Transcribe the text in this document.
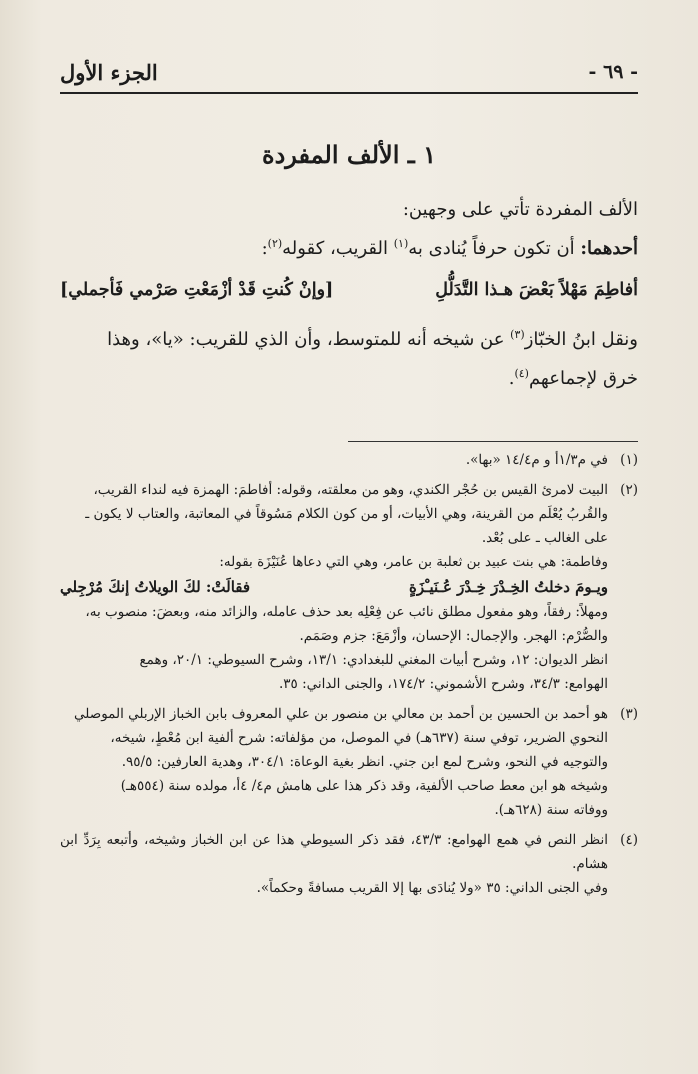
الجزء الأول	- ٦٩ -
١ ـ الألف المفردة
الألف المفردة تأتي على وجهين:
أحدهما: أن تكون حرفاً يُنادى به$^{(١)}$ القريب، كقوله$^{(٢)}$:
أفاطِمَ مَهْلاً بَعْضَ هـذا التَّدَلُّلِ
[وإنْ كُنتِ قَدْ أزْمَعْتِ صَرْمي فَأجملي]
ونقل ابنُ الخبّاز$^{(٣)}$ عن شيخه أنه للمتوسط، وأن الذي للقريب: «يا»، وهذا
خرق لإجماعهم$^{(٤)}$.
(١)
في م١/٣أ و م١٤/٤ «بها».
(٢)
البيت لامرئ القيس بن حُجْر الكندي، وهو من معلقته، وقوله: أفاطمَ: الهمزة فيه لنداء القريب،
والقُربُ يُعْلَم من القرينة، وهي الأبيات، أو من كون الكلام مَسُوقاً في المعاتبة، والعتاب لا يكون ـ
على الغالب ـ على بُعْد.
وفاطمة: هي بنت عبيد بن ثعلبة بن عامر، وهي التي دعاها عُنَيْزَة بقوله:
ويـومَ دخلتُ الخِـدْرَ خِـدْرَ عُـنَيـْزَةٍ
فقالَتْ: لكَ الويلاتُ إنكَ مُرْجِلي
ومهلاً: رفقاً، وهو مفعول مطلق نائب عن فِعْلِه بعد حذف عامله، والزائد منه، وبعضَ: منصوب به،
والصُّرْم: الهجر. والإجمال: الإحسان، وأزْمَعَ: جزم وصَمَم.
انظر الديوان: ١٢، وشرح أبيات المغني للبغدادي: ١٣/١، وشرح السيوطي: ٢٠/١، وهمع
الهوامع: ٣٤/٣، وشرح الأشموني: ١٧٤/٢، والجنى الداني: ٣٥.
(٣)
هو أحمد بن الحسين بن أحمد بن معالي بن منصور بن علي المعروف بابن الخباز الإربلي الموصلي
النحوي الضرير، توفي سنة (٦٣٧هـ) في الموصل، من مؤلفاته: شرح ألفية ابن مُعْطٍ، شيخه،
والتوجيه في النحو، وشرح لمع ابن جني. انظر بغية الوعاة: ٣٠٤/١، وهدية العارفين: ٩٥/٥.
وشيخه هو ابن معط صاحب الألفية، وقد ذكر هذا على هامش م٤/ ٤أ، مولده سنة (٥٥٤هـ)
ووفاته سنة (٦٢٨هـ).
(٤)
انظر النص في همع الهوامع: ٤٣/٣، فقد ذكر السيوطي هذا عن ابن الخباز وشيخه، وأتبعه بِرَدِّ ابن هشام.
وفي الجنى الداني: ٣٥ «ولا يُنادَى بها إلا القريب مسافةً وحكماً».
